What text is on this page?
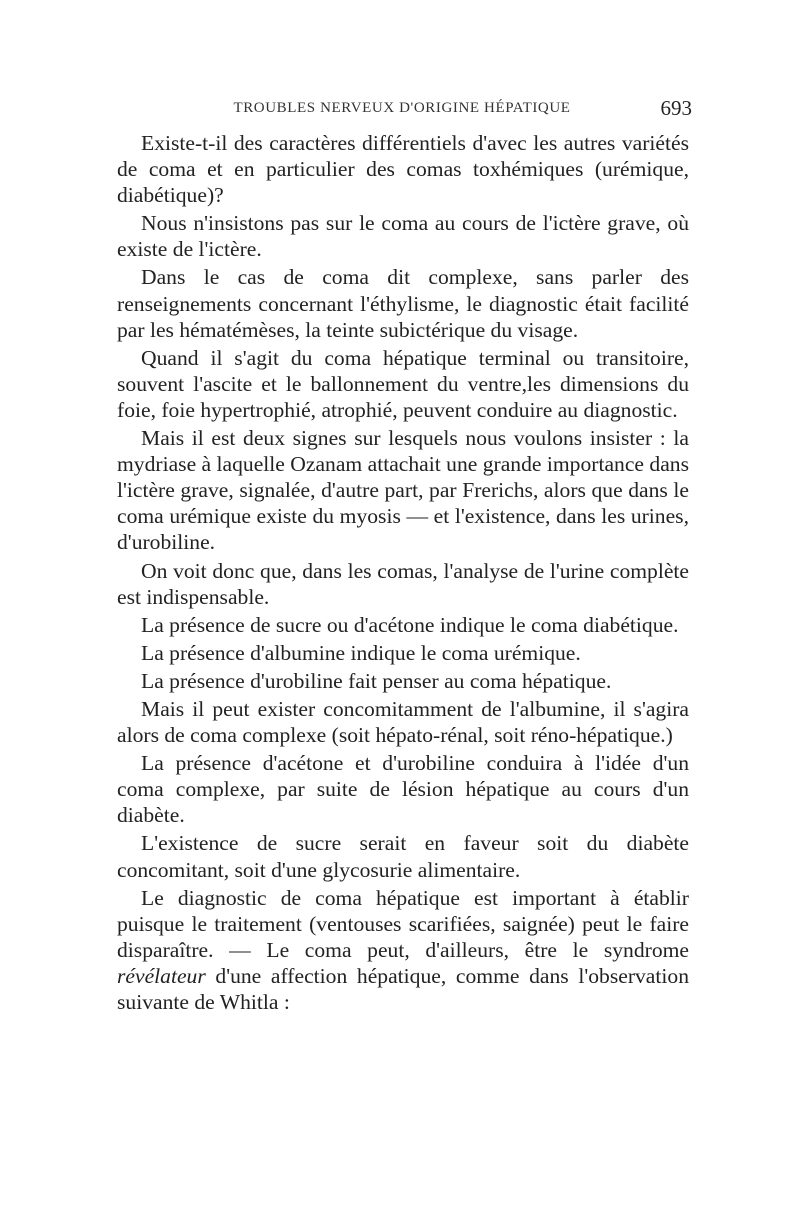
TROUBLES NERVEUX D'ORIGINE HÉPATIQUE	693

Existe-t-il des caractères différentiels d'avec les autres variétés de coma et en particulier des comas toxhémiques (urémique, diabétique)?

Nous n'insistons pas sur le coma au cours de l'ictère grave, où existe de l'ictère.

Dans le cas de coma dit complexe, sans parler des renseignements concernant l'éthylisme, le diagnostic était facilité par les hématémèses, la teinte subictérique du visage.

Quand il s'agit du coma hépatique terminal ou transitoire, souvent l'ascite et le ballonnement du ventre,les dimensions du foie, foie hypertrophié, atrophié, peuvent conduire au diagnostic.

Mais il est deux signes sur lesquels nous voulons insister : la mydriase à laquelle Ozanam attachait une grande importance dans l'ictère grave, signalée, d'autre part, par Frerichs, alors que dans le coma urémique existe du myosis — et l'existence, dans les urines, d'urobiline.

On voit donc que, dans les comas, l'analyse de l'urine complète est indispensable.

La présence de sucre ou d'acétone indique le coma diabétique.

La présence d'albumine indique le coma urémique.

La présence d'urobiline fait penser au coma hépatique.

Mais il peut exister concomitamment de l'albumine, il s'agira alors de coma complexe (soit hépato-rénal, soit réno-hépatique.)

La présence d'acétone et d'urobiline conduira à l'idée d'un coma complexe, par suite de lésion hépatique au cours d'un diabète.

L'existence de sucre serait en faveur soit du diabète concomitant, soit d'une glycosurie alimentaire.

Le diagnostic de coma hépatique est important à établir puisque le traitement (ventouses scarifiées, saignée) peut le faire disparaître. — Le coma peut, d'ailleurs, être le syndrome révélateur d'une affection hépatique, comme dans l'observation suivante de Whitla :
